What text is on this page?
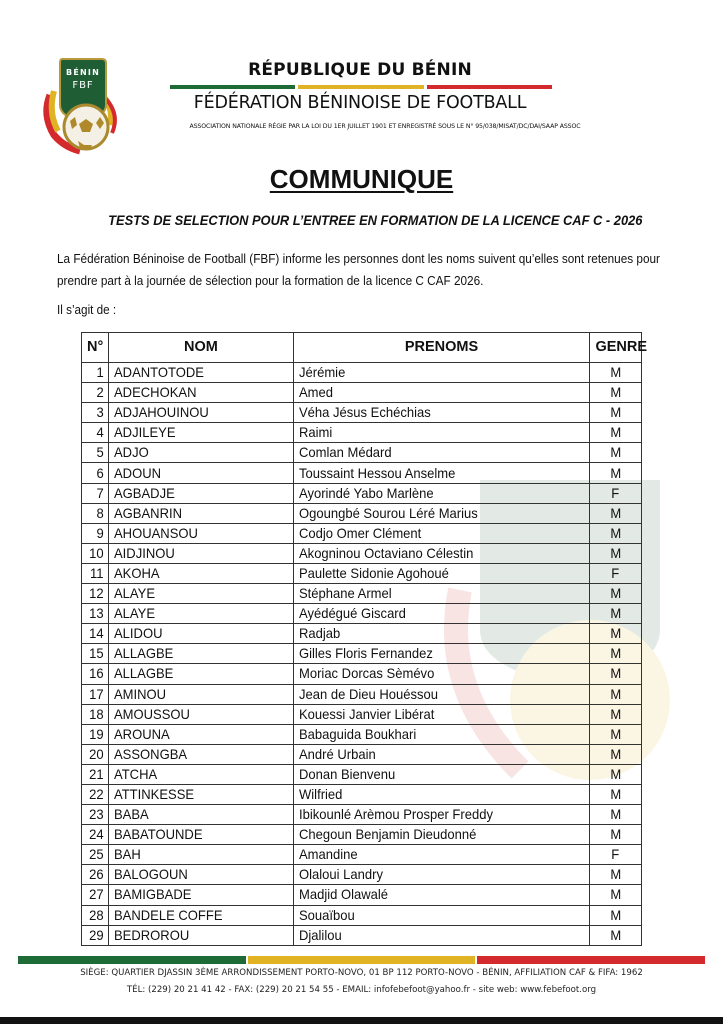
BÉNIN
FBF
RÉPUBLIQUE DU BÉNIN
FÉDÉRATION BÉNINOISE DE FOOTBALL
ASSOCIATION NATIONALE RÉGIE PAR LA LOI DU 1ER JUILLET 1901 ET ENREGISTRÉ SOUS LE N° 95/038/MISAT/DC/DAI/SAAP ASSOC
COMMUNIQUE
TESTS DE SELECTION POUR L’ENTREE EN FORMATION DE LA LICENCE CAF C - 2026
La Fédération Béninoise de Football (FBF) informe les personnes dont les noms suivent qu’elles sont retenues pour
prendre part à la journée de sélection pour la formation de la licence C CAF 2026.
Il s’agit de :
N°	NOM	PRENOMS	GENRE
1	ADANTOTODE	Jérémie	M
2	ADECHOKAN	Amed	M
3	ADJAHOUINOU	Véha Jésus Echéchias	M
4	ADJILEYE	Raimi	M
5	ADJO	Comlan Médard	M
6	ADOUN	Toussaint Hessou Anselme	M
7	AGBADJE	Ayorindé Yabo Marlène	F
8	AGBANRIN	Ogoungbé Sourou Léré Marius	M
9	AHOUANSOU	Codjo Omer Clément	M
10	AIDJINOU	Akogninou Octaviano Célestin	M
11	AKOHA	Paulette Sidonie Agohoué	F
12	ALAYE	Stéphane Armel	M
13	ALAYE	Ayédégué Giscard	M
14	ALIDOU	Radjab	M
15	ALLAGBE	Gilles Floris Fernandez	M
16	ALLAGBE	Moriac Dorcas Sèmévo	M
17	AMINOU	Jean de Dieu Houéssou	M
18	AMOUSSOU	Kouessi Janvier Libérat	M
19	AROUNA	Babaguida Boukhari	M
20	ASSONGBA	André Urbain	M
21	ATCHA	Donan Bienvenu	M
22	ATTINKESSE	Wilfried	M
23	BABA	Ibikounlé Arèmou Prosper Freddy	M
24	BABATOUNDE	Chegoun Benjamin Dieudonné	M
25	BAH	Amandine	F
26	BALOGOUN	Olaloui Landry	M
27	BAMIGBADE	Madjid Olawalé	M
28	BANDELE COFFE	Souaïbou	M
29	BEDROROU	Djalilou	M
SIÈGE: QUARTIER DJASSIN 3ÈME ARRONDISSEMENT PORTO-NOVO, 01 BP 112 PORTO-NOVO - BÉNIN, AFFILIATION CAF & FIFA: 1962
TÉL: (229) 20 21 41 42 - FAX: (229) 20 21 54 55 - EMAIL: infofebefoot@yahoo.fr - site web: www.febefoot.org
